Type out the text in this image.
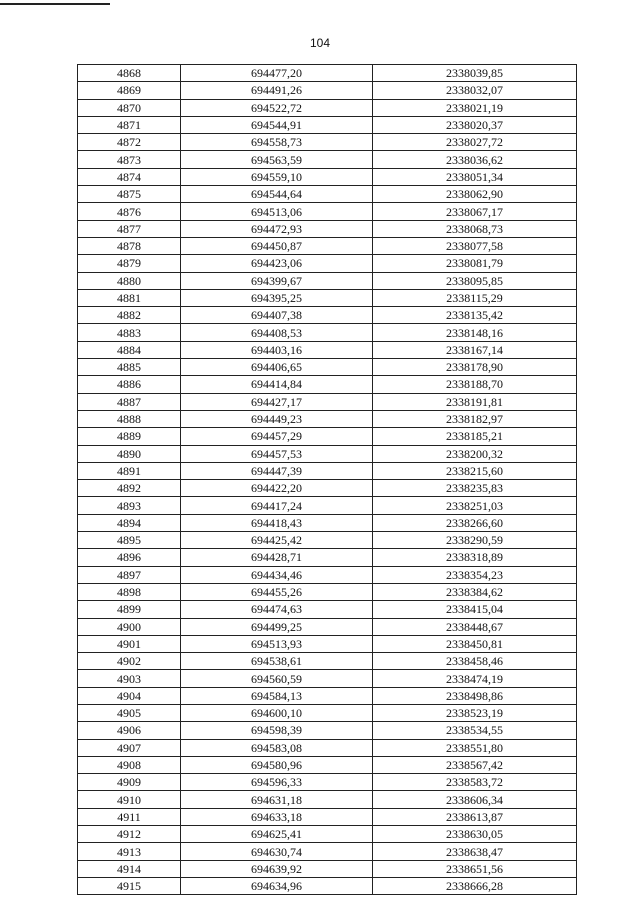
104
4868	694477,20	2338039,85
4869	694491,26	2338032,07
4870	694522,72	2338021,19
4871	694544,91	2338020,37
4872	694558,73	2338027,72
4873	694563,59	2338036,62
4874	694559,10	2338051,34
4875	694544,64	2338062,90
4876	694513,06	2338067,17
4877	694472,93	2338068,73
4878	694450,87	2338077,58
4879	694423,06	2338081,79
4880	694399,67	2338095,85
4881	694395,25	2338115,29
4882	694407,38	2338135,42
4883	694408,53	2338148,16
4884	694403,16	2338167,14
4885	694406,65	2338178,90
4886	694414,84	2338188,70
4887	694427,17	2338191,81
4888	694449,23	2338182,97
4889	694457,29	2338185,21
4890	694457,53	2338200,32
4891	694447,39	2338215,60
4892	694422,20	2338235,83
4893	694417,24	2338251,03
4894	694418,43	2338266,60
4895	694425,42	2338290,59
4896	694428,71	2338318,89
4897	694434,46	2338354,23
4898	694455,26	2338384,62
4899	694474,63	2338415,04
4900	694499,25	2338448,67
4901	694513,93	2338450,81
4902	694538,61	2338458,46
4903	694560,59	2338474,19
4904	694584,13	2338498,86
4905	694600,10	2338523,19
4906	694598,39	2338534,55
4907	694583,08	2338551,80
4908	694580,96	2338567,42
4909	694596,33	2338583,72
4910	694631,18	2338606,34
4911	694633,18	2338613,87
4912	694625,41	2338630,05
4913	694630,74	2338638,47
4914	694639,92	2338651,56
4915	694634,96	2338666,28
